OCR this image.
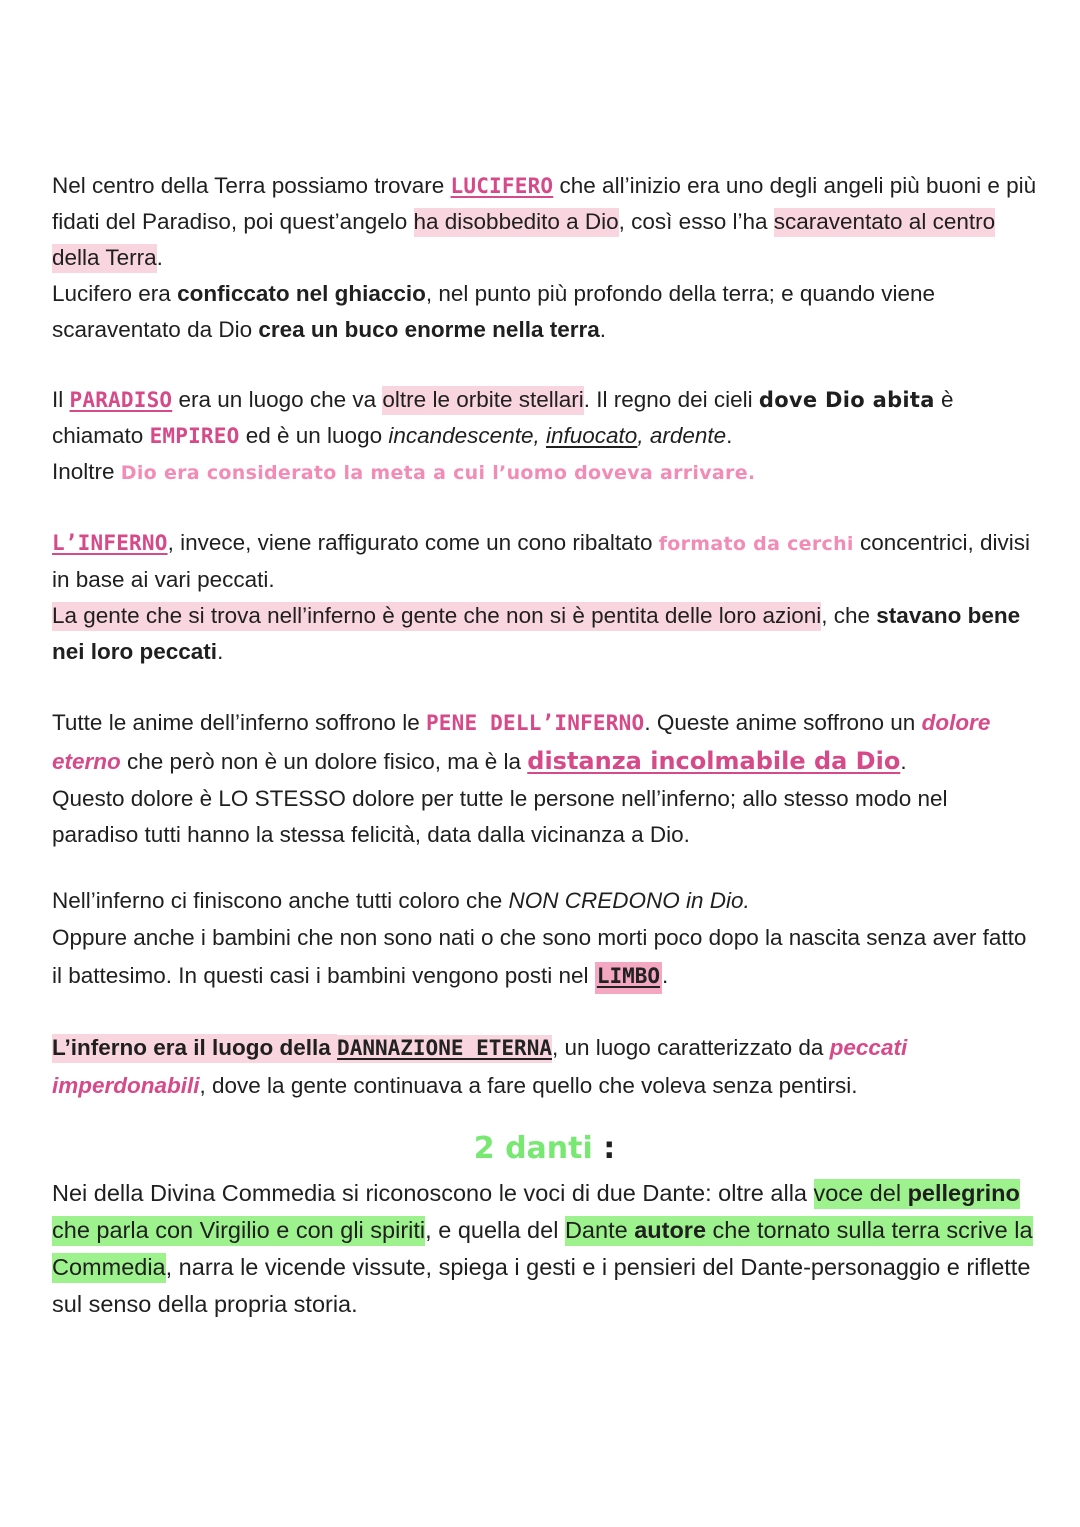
Nel centro della Terra possiamo trovare LUCIFERO che all’inizio era uno degli angeli più buoni e più fidati del Paradiso, poi quest’angelo ha disobbedito a Dio, così esso l’ha scaraventato al centro della Terra.

Lucifero era conficcato nel ghiaccio, nel punto più profondo della terra; e quando viene scaraventato da Dio crea un buco enorme nella terra.

Il PARADISO era un luogo che va oltre le orbite stellari. Il regno dei cieli dove Dio abita è chiamato EMPIREO ed è un luogo incandescente, infuocato, ardente.

Inoltre Dio era considerato la meta a cui l’uomo doveva arrivare.

L’INFERNO, invece, viene raffigurato come un cono ribaltato formato da cerchi concentrici, divisi in base ai vari peccati.

La gente che si trova nell’inferno è gente che non si è pentita delle loro azioni, che stavano bene nei loro peccati.

Tutte le anime dell’inferno soffrono le PENE DELL’INFERNO. Queste anime soffrono un dolore eterno che però non è un dolore fisico, ma è la distanza incolmabile da Dio.

Questo dolore è LO STESSO dolore per tutte le persone nell’inferno; allo stesso modo nel paradiso tutti hanno la stessa felicità, data dalla vicinanza a Dio.

Nell’inferno ci finiscono anche tutti coloro che NON CREDONO in Dio.

Oppure anche i bambini che non sono nati o che sono morti poco dopo la nascita senza aver fatto il battesimo. In questi casi i bambini vengono posti nel LIMBO.

L’inferno era il luogo della DANNAZIONE ETERNA, un luogo caratterizzato da peccati imperdonabili, dove la gente continuava a fare quello che voleva senza pentirsi.

2 danti :

Nei della Divina Commedia si riconoscono le voci di due Dante: oltre alla voce del pellegrino che parla con Virgilio e con gli spiriti, e quella del Dante autore che tornato sulla terra scrive la Commedia, narra le vicende vissute, spiega i gesti e i pensieri del Dante-personaggio e riflette sul senso della propria storia.
